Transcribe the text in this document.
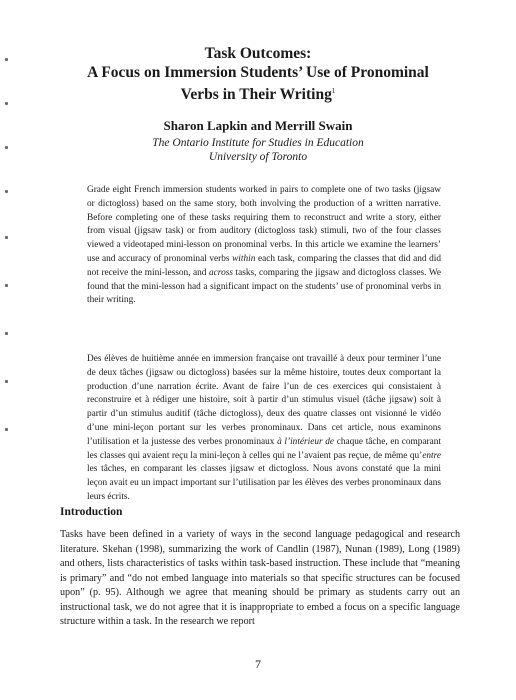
Task Outcomes:
A Focus on Immersion Students’ Use of Pronominal
Verbs in Their Writing$^1$
Sharon Lapkin and Merrill Swain
The Ontario Institute for Studies in Education
University of Toronto

Grade eight French immersion students worked in pairs to complete one of two tasks (jigsaw or dictogloss) based on the same story, both involving the production of a written narrative. Before completing one of these tasks requiring them to reconstruct and write a story, either from visual (jigsaw task) or from auditory (dictogloss task) stimuli, two of the four classes viewed a videotaped mini-lesson on pronominal verbs. In this article we examine the learners’ use and accuracy of pronominal verbs within each task, comparing the classes that did and did not receive the mini-lesson, and across tasks, comparing the jigsaw and dictogloss classes. We found that the mini-lesson had a significant impact on the students’ use of pronominal verbs in their writing.

Des élèves de huitième année en immersion française ont travaillé à deux pour terminer l’une de deux tâches (jigsaw ou dictogloss) basées sur la même histoire, toutes deux comportant la production d’une narration écrite. Avant de faire l’un de ces exercices qui consistaient à reconstruire et à rédiger une histoire, soit à partir d’un stimulus visuel (tâche jigsaw) soit à partir d’un stimulus auditif (tâche dictogloss), deux des quatre classes ont visionné le vidéo d’une mini-leçon portant sur les verbes pronominaux. Dans cet article, nous examinons l’utilisation et la justesse des verbes pronominaux à l’intérieur de chaque tâche, en comparant les classes qui avaient reçu la mini-leçon à celles qui ne l’avaient pas reçue, de même qu’entre les tâches, en comparant les classes jigsaw et dictogloss. Nous avons constaté que la mini leçon avait eu un impact important sur l’utilisation par les élèves des verbes pronominaux dans leurs écrits.

Introduction

Tasks have been defined in a variety of ways in the second language pedagogical and research literature. Skehan (1998), summarizing the work of Candlin (1987), Nunan (1989), Long (1989) and others, lists characteristics of tasks within task-based instruction. These include that “meaning is primary” and “do not embed language into materials so that specific structures can be focused upon” (p. 95). Although we agree that meaning should be primary as students carry out an instructional task, we do not agree that it is inappropriate to embed a focus on a specific language structure within a task. In the research we report

7
